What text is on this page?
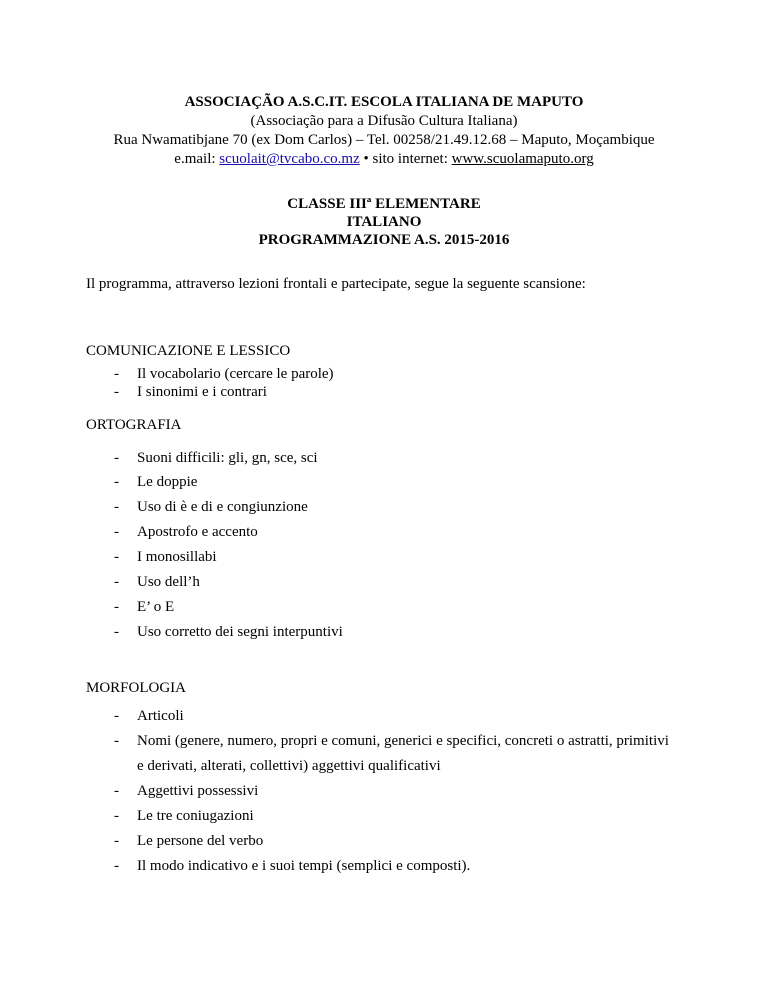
ASSOCIAÇÃO A.S.C.IT. ESCOLA ITALIANA DE MAPUTO
(Associação para a Difusão Cultura Italiana)
Rua Nwamatibjane 70 (ex Dom Carlos) – Tel. 00258/21.49.12.68 – Maputo, Moçambique
e.mail: scuolait@tvcabo.co.mz • sito internet: www.scuolamaputo.org
CLASSE IIIª ELEMENTARE
ITALIANO
PROGRAMMAZIONE A.S. 2015-2016
Il programma, attraverso lezioni frontali e partecipate, segue la seguente scansione:
COMUNICAZIONE E LESSICO
- Il vocabolario (cercare le parole)
- I sinonimi e i contrari
ORTOGRAFIA
- Suoni difficili: gli, gn, sce, sci
- Le doppie
- Uso di è e di e congiunzione
- Apostrofo e accento
- I monosillabi
- Uso dell’h
- E’ o E
- Uso corretto dei segni interpuntivi
MORFOLOGIA
- Articoli
- Nomi (genere, numero, propri e comuni, generici e specifici, concreti o astratti, primitivi
e derivati, alterati, collettivi) aggettivi qualificativi
- Aggettivi possessivi
- Le tre coniugazioni
- Le persone del verbo
- Il modo indicativo e i suoi tempi (semplici e composti).
